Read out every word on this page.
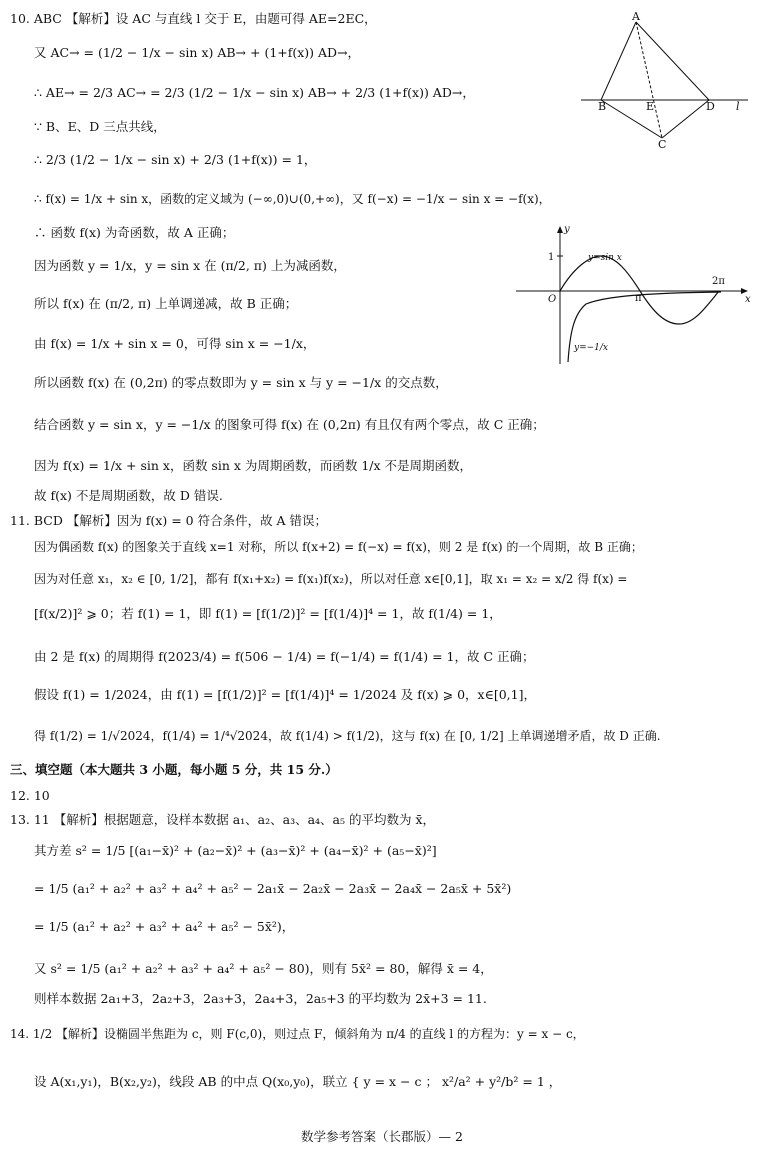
10. ABC 【解析】设 AC 与直线 l 交于 E，由题可得 AE=2EC，
又 AC→ = (1/2 − 1/x − sin x) AB→ + (1+f(x)) AD→，
∴ AE→ = 2/3 AC→ = 2/3 (1/2 − 1/x − sin x) AB→ + 2/3 (1+f(x)) AD→，
∵ B、E、D 三点共线，
∴ 2/3 (1/2 − 1/x − sin x) + 2/3 (1+f(x)) = 1，
∴ f(x) = 1/x + sin x，函数的定义域为 (−∞,0)∪(0,+∞)，又 f(−x) = −1/x − sin x = −f(x)，
∴ 函数 f(x) 为奇函数，故 A 正确；
因为函数 y = 1/x，y = sin x 在 (π/2, π) 上为减函数，
所以 f(x) 在 (π/2, π) 上单调递减，故 B 正确；
由 f(x) = 1/x + sin x = 0，可得 sin x = −1/x，
所以函数 f(x) 在 (0,2π) 的零点数即为 y = sin x 与 y = −1/x 的交点数，
结合函数 y = sin x，y = −1/x 的图象可得 f(x) 在 (0,2π) 有且仅有两个零点，故 C 正确；
因为 f(x) = 1/x + sin x，函数 sin x 为周期函数，而函数 1/x 不是周期函数，
故 f(x) 不是周期函数，故 D 错误.
11. BCD 【解析】因为 f(x) = 0 符合条件，故 A 错误；
因为偶函数 f(x) 的图象关于直线 x=1 对称，所以 f(x+2) = f(−x) = f(x)，则 2 是 f(x) 的一个周期，故 B 正确；
因为对任意 x₁，x₂ ∈ [0, 1/2]，都有 f(x₁+x₂) = f(x₁)f(x₂)，所以对任意 x∈[0,1]，取 x₁ = x₂ = x/2 得 f(x) =
[f(x/2)]² ⩾ 0；若 f(1) = 1，即 f(1) = [f(1/2)]² = [f(1/4)]⁴ = 1，故 f(1/4) = 1，
由 2 是 f(x) 的周期得 f(2023/4) = f(506 − 1/4) = f(−1/4) = f(1/4) = 1，故 C 正确；
假设 f(1) = 1/2024，由 f(1) = [f(1/2)]² = [f(1/4)]⁴ = 1/2024 及 f(x) ⩾ 0，x∈[0,1]，
得 f(1/2) = 1/√2024，f(1/4) = 1/⁴√2024，故 f(1/4) > f(1/2)，这与 f(x) 在 [0, 1/2] 上单调递增矛盾，故 D 正确.
三、填空题（本大题共 3 小题，每小题 5 分，共 15 分.）
12. 10
13. 11 【解析】根据题意，设样本数据 a₁、a₂、a₃、a₄、a₅ 的平均数为 x̄，
其方差 s² = 1/5 [(a₁−x̄)² + (a₂−x̄)² + (a₃−x̄)² + (a₄−x̄)² + (a₅−x̄)²]
= 1/5 (a₁² + a₂² + a₃² + a₄² + a₅² − 2a₁x̄ − 2a₂x̄ − 2a₃x̄ − 2a₄x̄ − 2a₅x̄ + 5x̄²)
= 1/5 (a₁² + a₂² + a₃² + a₄² + a₅² − 5x̄²)，
又 s² = 1/5 (a₁² + a₂² + a₃² + a₄² + a₅² − 80)，则有 5x̄² = 80，解得 x̄ = 4，
则样本数据 2a₁+3，2a₂+3，2a₃+3，2a₄+3，2a₅+3 的平均数为 2x̄+3 = 11.
14. 1/2 【解析】设椭圆半焦距为 c，则 F(c,0)，则过点 F，倾斜角为 π/4 的直线 l 的方程为：y = x − c，
设 A(x₁,y₁)，B(x₂,y₂)，线段 AB 的中点 Q(x₀,y₀)，联立 { y = x − c ； x²/a² + y²/b² = 1 ，
数学参考答案（长郡版）— 2
A
B	E	D
C
l
y
x
O
1
π
2π
y=sin x
y=−1/x
